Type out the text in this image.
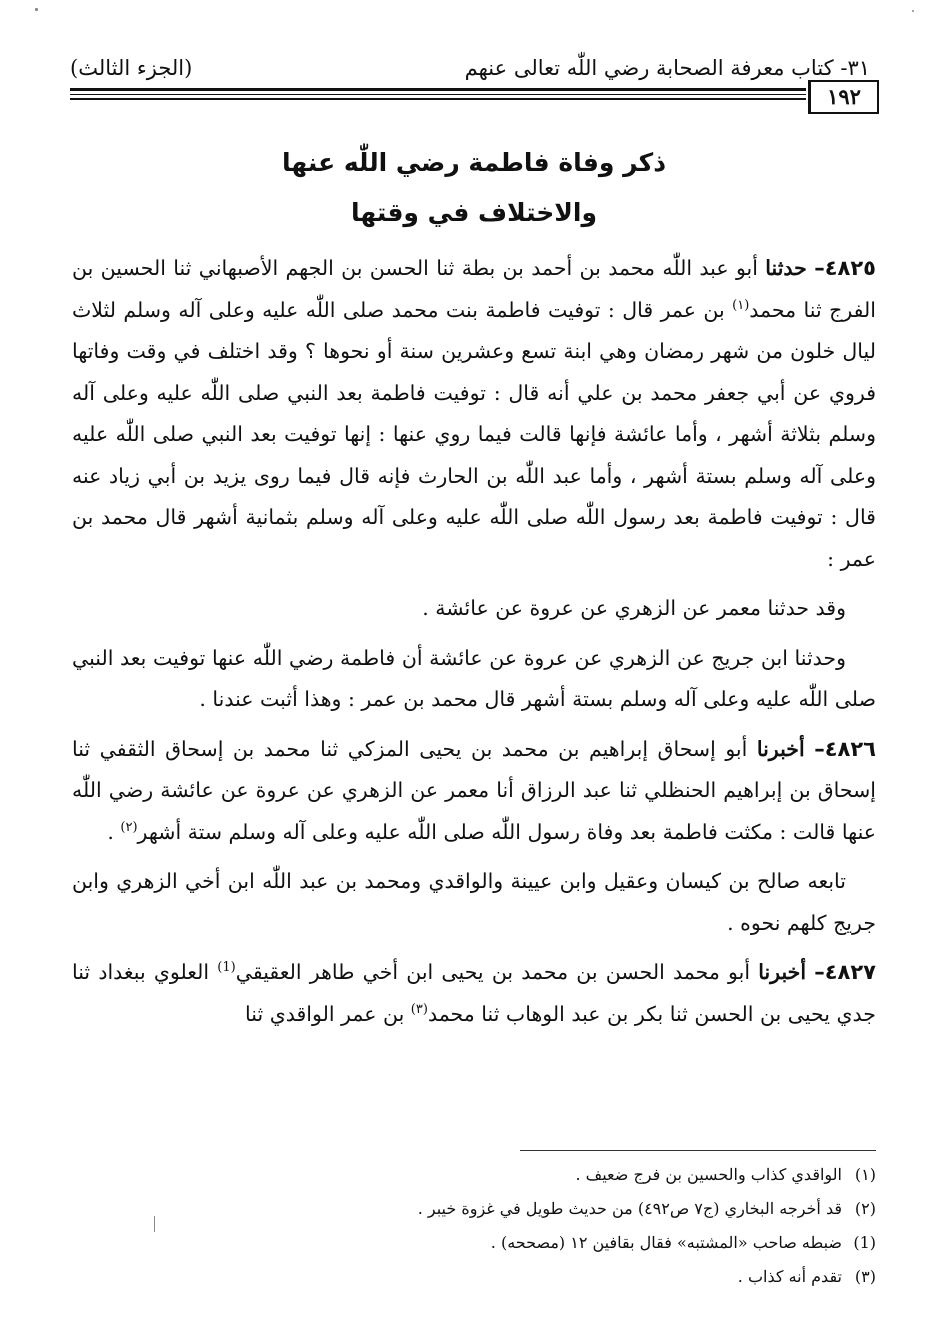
٣١- كتاب معرفة الصحابة رضي اللّٰه تعالى عنهم
(الجزء الثالث)
١٩٢
ذكر وفاة فاطمة رضي اللّٰه عنها
والاختلاف في وقتها

٤٨٢٥– حدثنا أبو عبد اللّٰه محمد بن أحمد بن بطة ثنا الحسن بن الجهم الأصبهاني ثنا الحسين بن الفرج ثنا محمد$^{(١)}$ بن عمر قال : توفيت فاطمة بنت محمد صلى اللّٰه عليه وعلى آله وسلم لثلاث ليال خلون من شهر رمضان وهي ابنة تسع وعشرين سنة أو نحوها ؟ وقد اختلف في وقت وفاتها فروي عن أبي جعفر محمد بن علي أنه قال : توفيت فاطمة بعد النبي صلى اللّٰه عليه وعلى آله وسلم بثلاثة أشهر ، وأما عائشة فإنها قالت فيما روي عنها : إنها توفيت بعد النبي صلى اللّٰه عليه وعلى آله وسلم بستة أشهر ، وأما عبد اللّٰه بن الحارث فإنه قال فيما روى يزيد بن أبي زياد عنه قال : توفيت فاطمة بعد رسول اللّٰه صلى اللّٰه عليه وعلى آله وسلم بثمانية أشهر قال محمد بن عمر :

وقد حدثنا معمر عن الزهري عن عروة عن عائشة .

وحدثنا ابن جريج عن الزهري عن عروة عن عائشة أن فاطمة رضي اللّٰه عنها توفيت بعد النبي صلى اللّٰه عليه وعلى آله وسلم بستة أشهر قال محمد بن عمر : وهذا أثبت عندنا .

٤٨٢٦– أخبرنا أبو إسحاق إبراهيم بن محمد بن يحيى المزكي ثنا محمد بن إسحاق الثقفي ثنا إسحاق بن إبراهيم الحنظلي ثنا عبد الرزاق أنا معمر عن الزهري عن عروة عن عائشة رضي اللّٰه عنها قالت : مكثت فاطمة بعد وفاة رسول اللّٰه صلى اللّٰه عليه وعلى آله وسلم ستة أشهر$^{(٢)}$ .

تابعه صالح بن كيسان وعقيل وابن عيينة والواقدي ومحمد بن عبد اللّٰه ابن أخي الزهري وابن جريج كلهم نحوه .

٤٨٢٧– أخبرنا أبو محمد الحسن بن محمد بن يحيى ابن أخي طاهر العقيقي$^{(1)}$ العلوي ببغداد ثنا جدي يحيى بن الحسن ثنا بكر بن عبد الوهاب ثنا محمد$^{(٣)}$ بن عمر الواقدي ثنا

(١)الواقدي كذاب والحسين بن فرج ضعيف .
(٢)قد أخرجه البخاري (ج٧ ص٤٩٢) من حديث طويل في غزوة خيبر .
(1)ضبطه صاحب «المشتبه» فقال بقافين ١٢ (مصححه) .
(٣)تقدم أنه كذاب .
